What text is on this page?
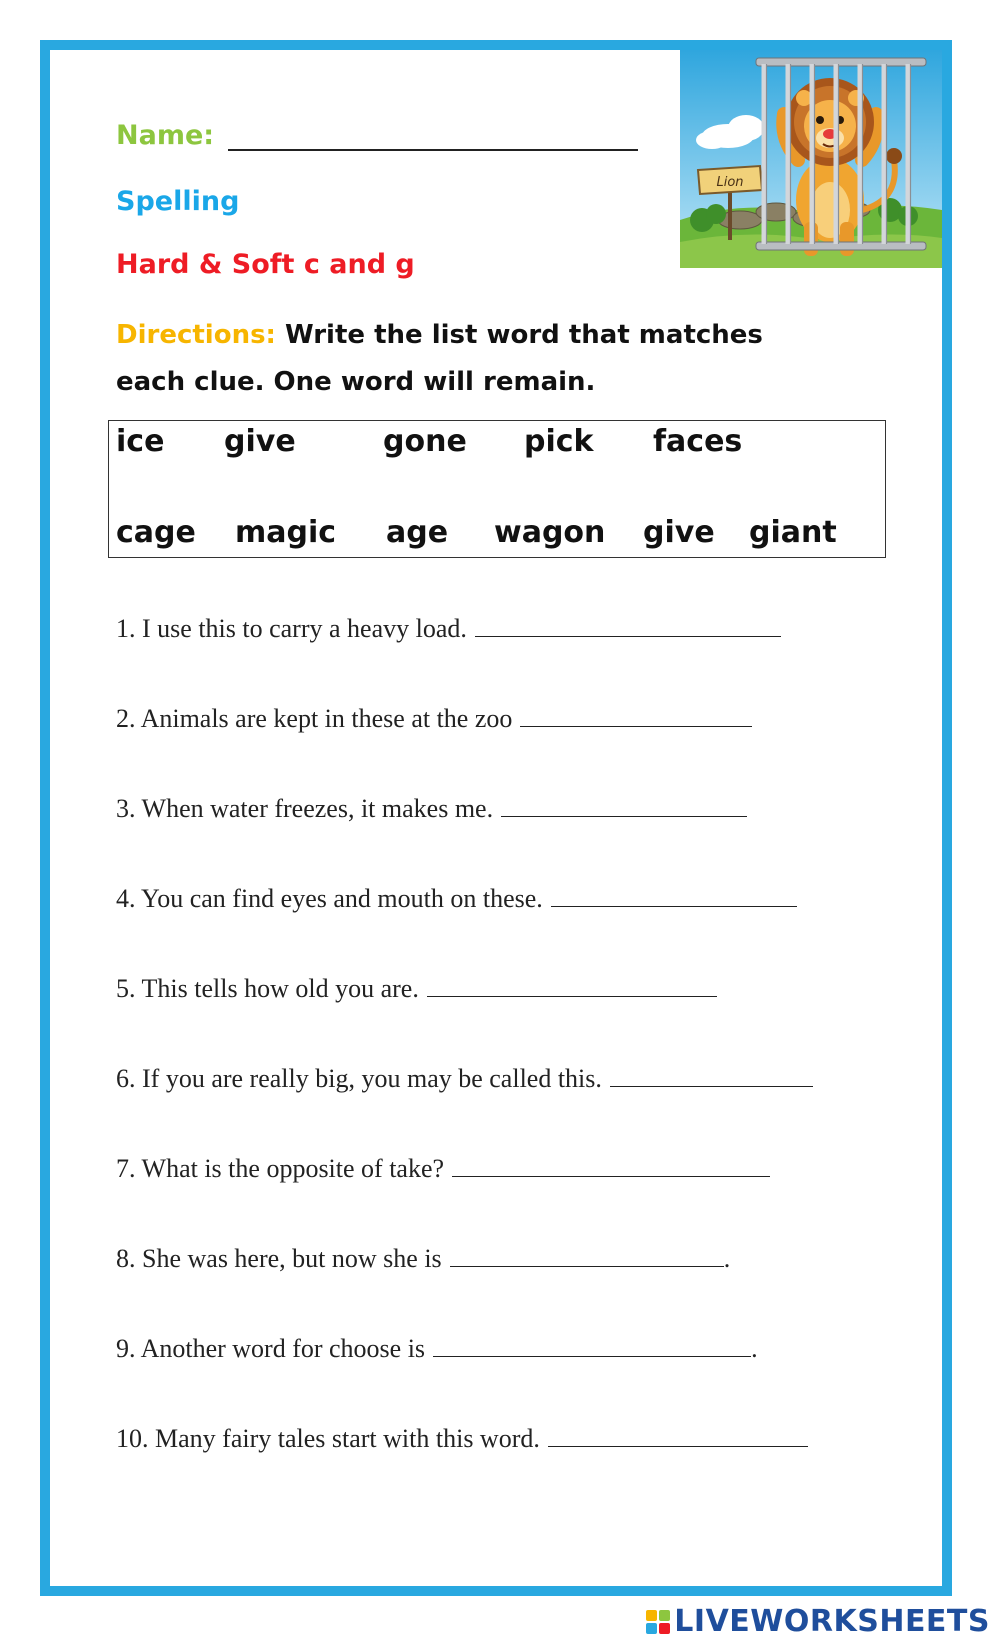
Name:
Spelling
Hard & Soft c and g
Directions: Write the list word that matches each clue. One word will remain.
ice give	gone pick faces
cage magic age wagon give giant
1. I use this to carry a heavy load.
2. Animals are kept in these at the zoo
3. When water freezes, it makes me.
4. You can find eyes and mouth on these.
5. This tells how old you are.
6. If you are really big, you may be called this.
7. What is the opposite of take?
8. She was here, but now she is	.
9. Another word for choose is	.
10. Many fairy tales start with this word.
Lion
LIVEWORKSHEETS
